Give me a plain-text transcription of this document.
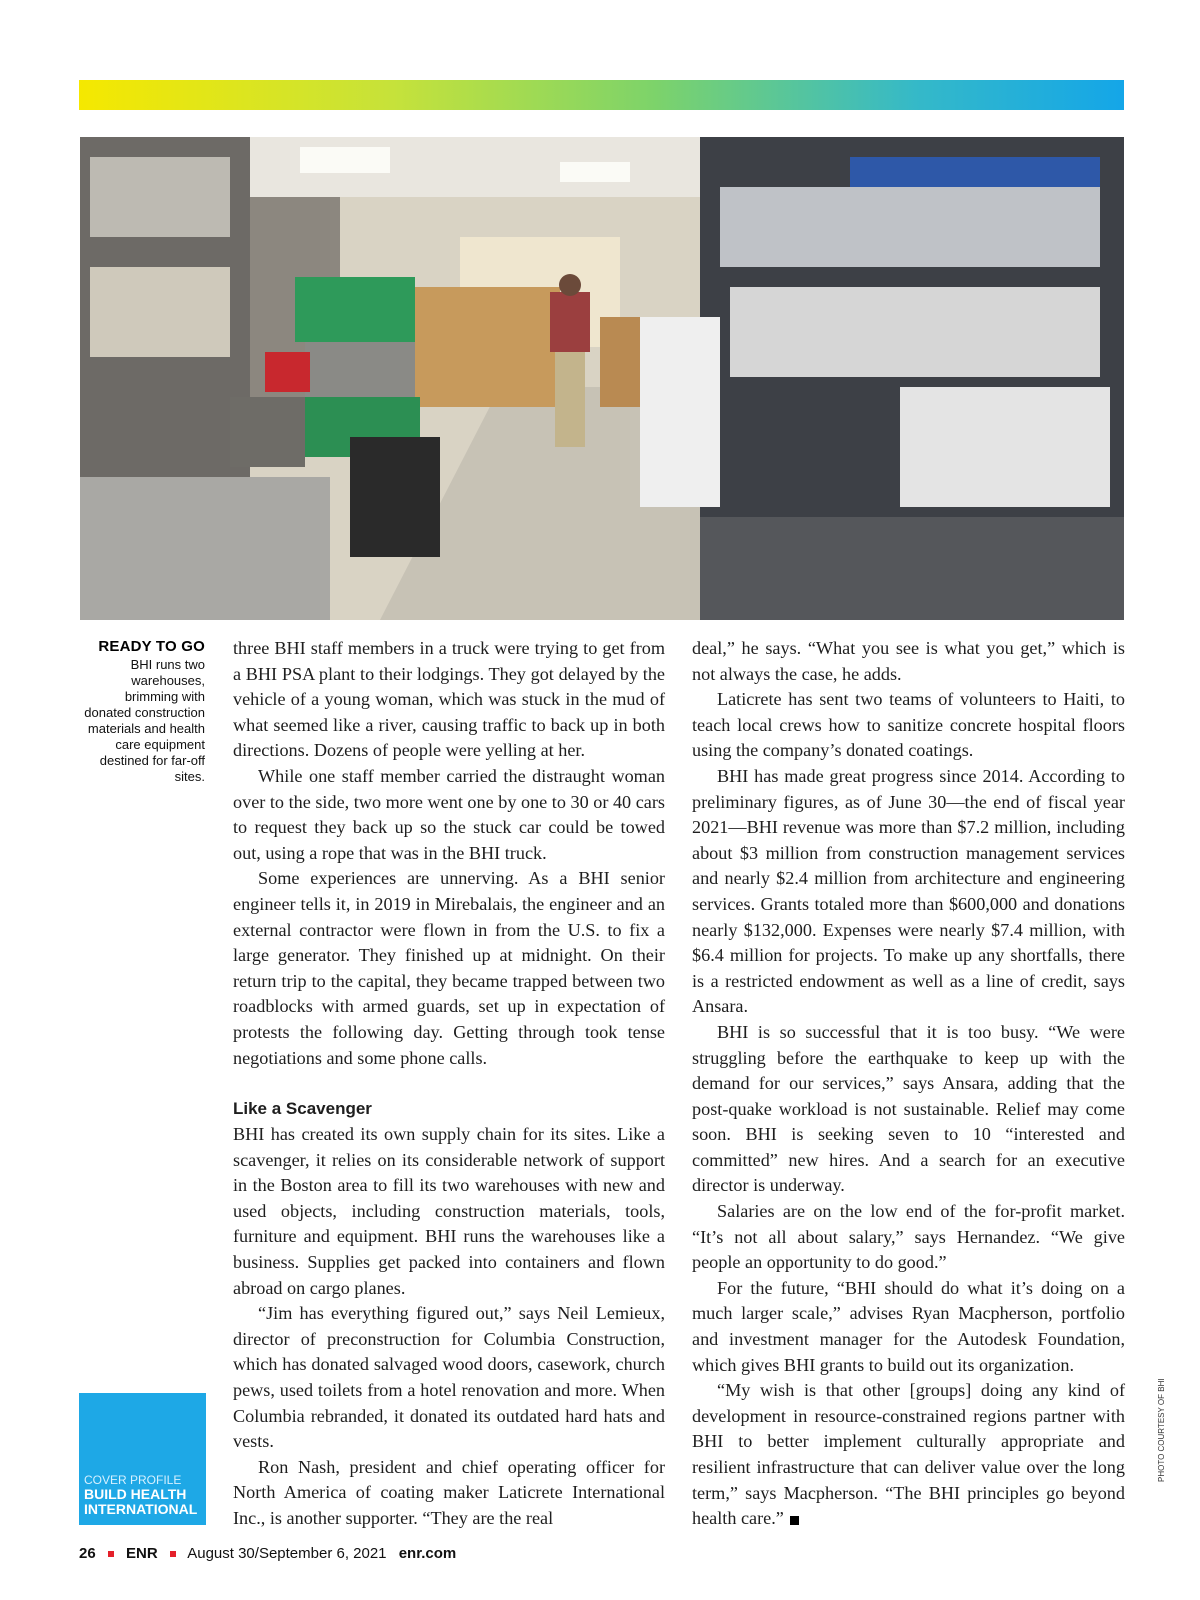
READY TO GO
BHI runs two warehouses, brimming with donated construction materials and health care equipment destined for far-off sites.

three BHI staff members in a truck were trying to get from a BHI PSA plant to their lodgings. They got delayed by the vehicle of a young woman, which was stuck in the mud of what seemed like a river, causing traffic to back up in both directions. Dozens of people were yelling at her.

While one staff member carried the distraught woman over to the side, two more went one by one to 30 or 40 cars to request they back up so the stuck car could be towed out, using a rope that was in the BHI truck.

Some experiences are unnerving. As a BHI senior engineer tells it, in 2019 in Mirebalais, the engineer and an external contractor were flown in from the U.S. to fix a large generator. They finished up at midnight. On their return trip to the capital, they became trapped between two roadblocks with armed guards, set up in expectation of protests the following day. Getting through took tense negotiations and some phone calls.

Like a Scavenger

BHI has created its own supply chain for its sites. Like a scavenger, it relies on its considerable network of support in the Boston area to fill its two warehouses with new and used objects, including construction materials, tools, furniture and equipment. BHI runs the warehouses like a business. Supplies get packed into containers and flown abroad on cargo planes.

“Jim has everything figured out,” says Neil Lemieux, director of preconstruction for Columbia Construction, which has donated salvaged wood doors, casework, church pews, used toilets from a hotel renovation and more. When Columbia rebranded, it donated its outdated hard hats and vests.

Ron Nash, president and chief operating officer for North America of coating maker Laticrete International Inc., is another supporter. “They are the real

deal,” he says. “What you see is what you get,” which is not always the case, he adds.

Laticrete has sent two teams of volunteers to Haiti, to teach local crews how to sanitize concrete hospital floors using the company’s donated coatings.

BHI has made great progress since 2014. According to preliminary figures, as of June 30—the end of fiscal year 2021—BHI revenue was more than $7.2 million, including about $3 million from construction management services and nearly $2.4 million from architecture and engineering services. Grants totaled more than $600,000 and donations nearly $132,000. Expenses were nearly $7.4 million, with $6.4 million for projects. To make up any shortfalls, there is a restricted endowment as well as a line of credit, says Ansara.

BHI is so successful that it is too busy. “We were struggling before the earthquake to keep up with the demand for our services,” says Ansara, adding that the post-quake workload is not sustainable. Relief may come soon. BHI is seeking seven to 10 “interested and committed” new hires. And a search for an executive director is underway.

Salaries are on the low end of the for-profit market. “It’s not all about salary,” says Hernandez. “We give people an opportunity to do good.”

For the future, “BHI should do what it’s doing on a much larger scale,” advises Ryan Macpherson, portfolio and investment manager for the Autodesk Foundation, which gives BHI grants to build out its organization.

“My wish is that other [groups] doing any kind of development in resource-constrained regions partner with BHI to better implement culturally appropriate and resilient infrastructure that can deliver value over the long term,” says Macpherson. “The BHI principles go beyond health care.”

COVER PROFILE
BUILD HEALTH INTERNATIONAL
PHOTO COURTESY OF BHI
26 ENR August 30/September 6, 2021 enr.com
